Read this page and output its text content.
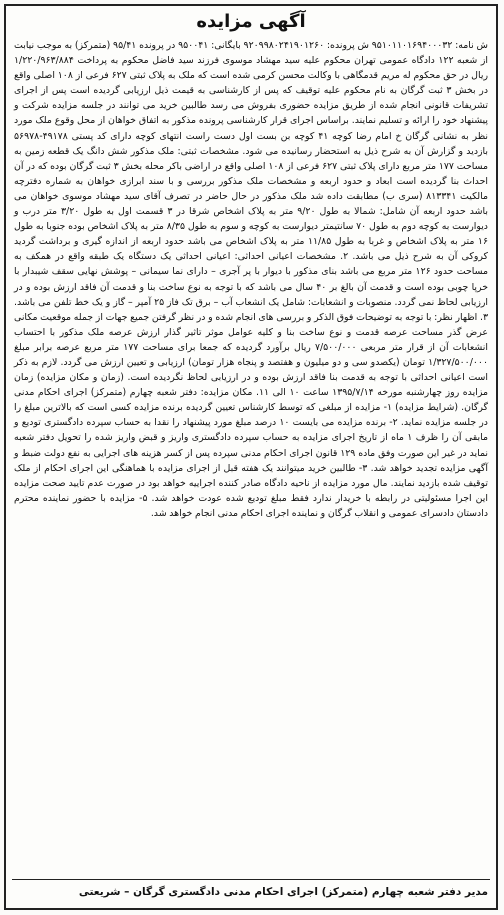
آگهی مزایده

ش نامه: ۹۵۱۰۱۱۰۱۶۹۴۰۰۰۳۲ ش پرونده: ۹۲۰۹۹۸۰۲۴۱۹۰۱۲۶۰ بایگانی: ۹۵۰۰۴۱ در پرونده ۹۵/۴۱ (متمرکز) به موجب نیابت از شعبه ۱۲۲ دادگاه عمومی تهران محکوم علیه سید مهشاد موسوی فرزند سید فاضل محکوم به پرداخت ۱/۲۲۰/۹۶۳/۸۸۴ ریال در حق محکوم له مریم قدمگاهی با وکالت محسن کرمی شده است که ملک به پلاک ثبتی ۶۲۷ فرعی از ۱۰۸ اصلی واقع در بخش ۳ ثبت گرگان به نام محکوم علیه توقیف که پس از کارشناسی به قیمت ذیل ارزیابی گردیده است پس از اجرای تشریفات قانونی انجام شده از طریق مزایده حضوری بفروش می رسد طالبین خرید می توانند در جلسه مزایده شرکت و پیشنهاد خود را ارائه و تسلیم نمایند. براساس اجرای قرار کارشناسی پرونده مذکور به اتفاق خواهان از محل وقوع ملک مورد نظر به نشانی گرگان خ امام رضا کوچه ۴۱ کوچه بن بست اول دست راست انتهای کوچه دارای کد پستی ۴۹۱۷۸-۵۶۹۷۸ بازدید و گزارش آن به شرح ذیل به استحضار رسانیده می شود. مشخصات ثبتی: ملک مذکور شش دانگ یک قطعه زمین به مساحت ۱۷۷ متر مربع دارای پلاک ثبتی ۶۲۷ فرعی از ۱۰۸ اصلی واقع در اراضی باکر محله بخش ۳ ثبت گرگان بوده که در آن احداث بنا گردیده است ابعاد و حدود اربعه و مشخصات ملک مذکور بررسی و با سند ابرازی خواهان به شماره دفترچه مالکیت ۸۱۳۳۴۱ (سری ب) مطابقت داده شد ملک مذکور در حال حاضر در تصرف آقای سید مهشاد موسوی خواهان می باشد حدود اربعه آن شامل: شمالا به طول ۹/۲۰ متر به پلاک اشخاص شرقا در ۳ قسمت اول به طول ۳/۲۰ متر درب و دیوارست به کوچه دوم به طول ۷۰ سانتیمتر دیوارست به کوچه و سوم به طول ۸/۳۵ متر به پلاک اشخاص بوده جنوبا به طول ۱۶ متر به پلاک اشخاص و غربا به طول ۱۱/۸۵ متر به پلاک اشخاص می باشد حدود اربعه از اندازه گیری و برداشت گردید کروکی آن به شرح ذیل می باشد. ۲. مشخصات اعیانی احداثی: اعیانی احداثی یک دستگاه یک طبقه واقع در همکف به مساحت حدود ۱۲۶ متر مربع می باشد بنای مذکور با دیوار با پر آجری – دارای نما سیمانی – پوشش نهایی سقف شیبدار با خرپا چوبی بوده است و قدمت آن بالغ بر ۴۰ سال می باشد که با توجه به نوع ساخت بنا و قدمت آن فاقد ارزش بوده و در ارزیابی لحاظ نمی گردد. منصوبات و انشعابات: شامل یک انشعاب آب – برق تک فاز ۲۵ آمپر – گاز و یک خط تلفن می باشد. ۳. اظهار نظر: با توجه به توضیحات فوق الذکر و بررسی های انجام شده و در نظر گرفتن جمیع جهات از جمله موقعیت مکانی عرض گذر مساحت عرصه قدمت و نوع ساخت بنا و کلیه عوامل موثر تاثیر گذار ارزش عرصه ملک مذکور با احتساب انشعابات آن از قرار متر مربعی ۷/۵۰۰/۰۰۰ ریال برآورد گردیده که جمعا برای مساحت ۱۷۷ متر مربع عرصه برابر مبلغ ۱/۳۲۷/۵۰۰/۰۰۰ تومان (یکصدو سی و دو میلیون و هفتصد و پنجاه هزار تومان) ارزیابی و تعیین ارزش می گردد. لازم به ذکر است اعیانی احداثی با توجه به قدمت بنا فاقد ارزش بوده و در ارزیابی لحاظ نگردیده است. (زمان و مکان مزایده) زمان مزایده روز چهارشنبه مورخه ۱۳۹۵/۷/۱۴ ساعت ۱۰ الی ۱۱. مکان مزایده: دفتر شعبه چهارم (متمرکز) اجرای احکام مدنی گرگان. (شرایط مزایده) ۱- مزایده از مبلغی که توسط کارشناس تعیین گردیده برنده مزایده کسی است که بالاترین مبلغ را در جلسه مزایده نماید. ۲- برنده مزایده می بایست ۱۰ درصد مبلغ مورد پیشنهاد را نقدا به حساب سپرده دادگستری تودیع و مابقی آن را ظرف ۱ ماه از تاریخ اجرای مزایده به حساب سپرده دادگستری واریز و قبض واریز شده را تحویل دفتر شعبه نماید در غیر این صورت وفق ماده ۱۲۹ قانون اجرای احکام مدنی سپرده پس از کسر هزینه های اجرایی به نفع دولت ضبط و آگهی مزایده تجدید خواهد شد. ۳- طالبین خرید میتوانند یک هفته قبل از اجرای مزایده با هماهنگی این اجرای احکام از ملک توقیف شده بازدید نمایند. مال مورد مزایده از ناحیه دادگاه صادر کننده اجراییه خواهد بود در صورت عدم تایید صحت مزایده این اجرا مسئولیتی در رابطه با خریدار ندارد فقط مبلغ تودیع شده عودت خواهد شد. ۵- مزایده با حضور نماینده محترم دادستان دادسرای عمومی و انقلاب گرگان و نماینده اجرای احکام مدنی انجام خواهد شد.

مدیر دفتر شعبه چهارم (متمرکز) اجرای احکام مدنی دادگستری گرگان – شریعتی
